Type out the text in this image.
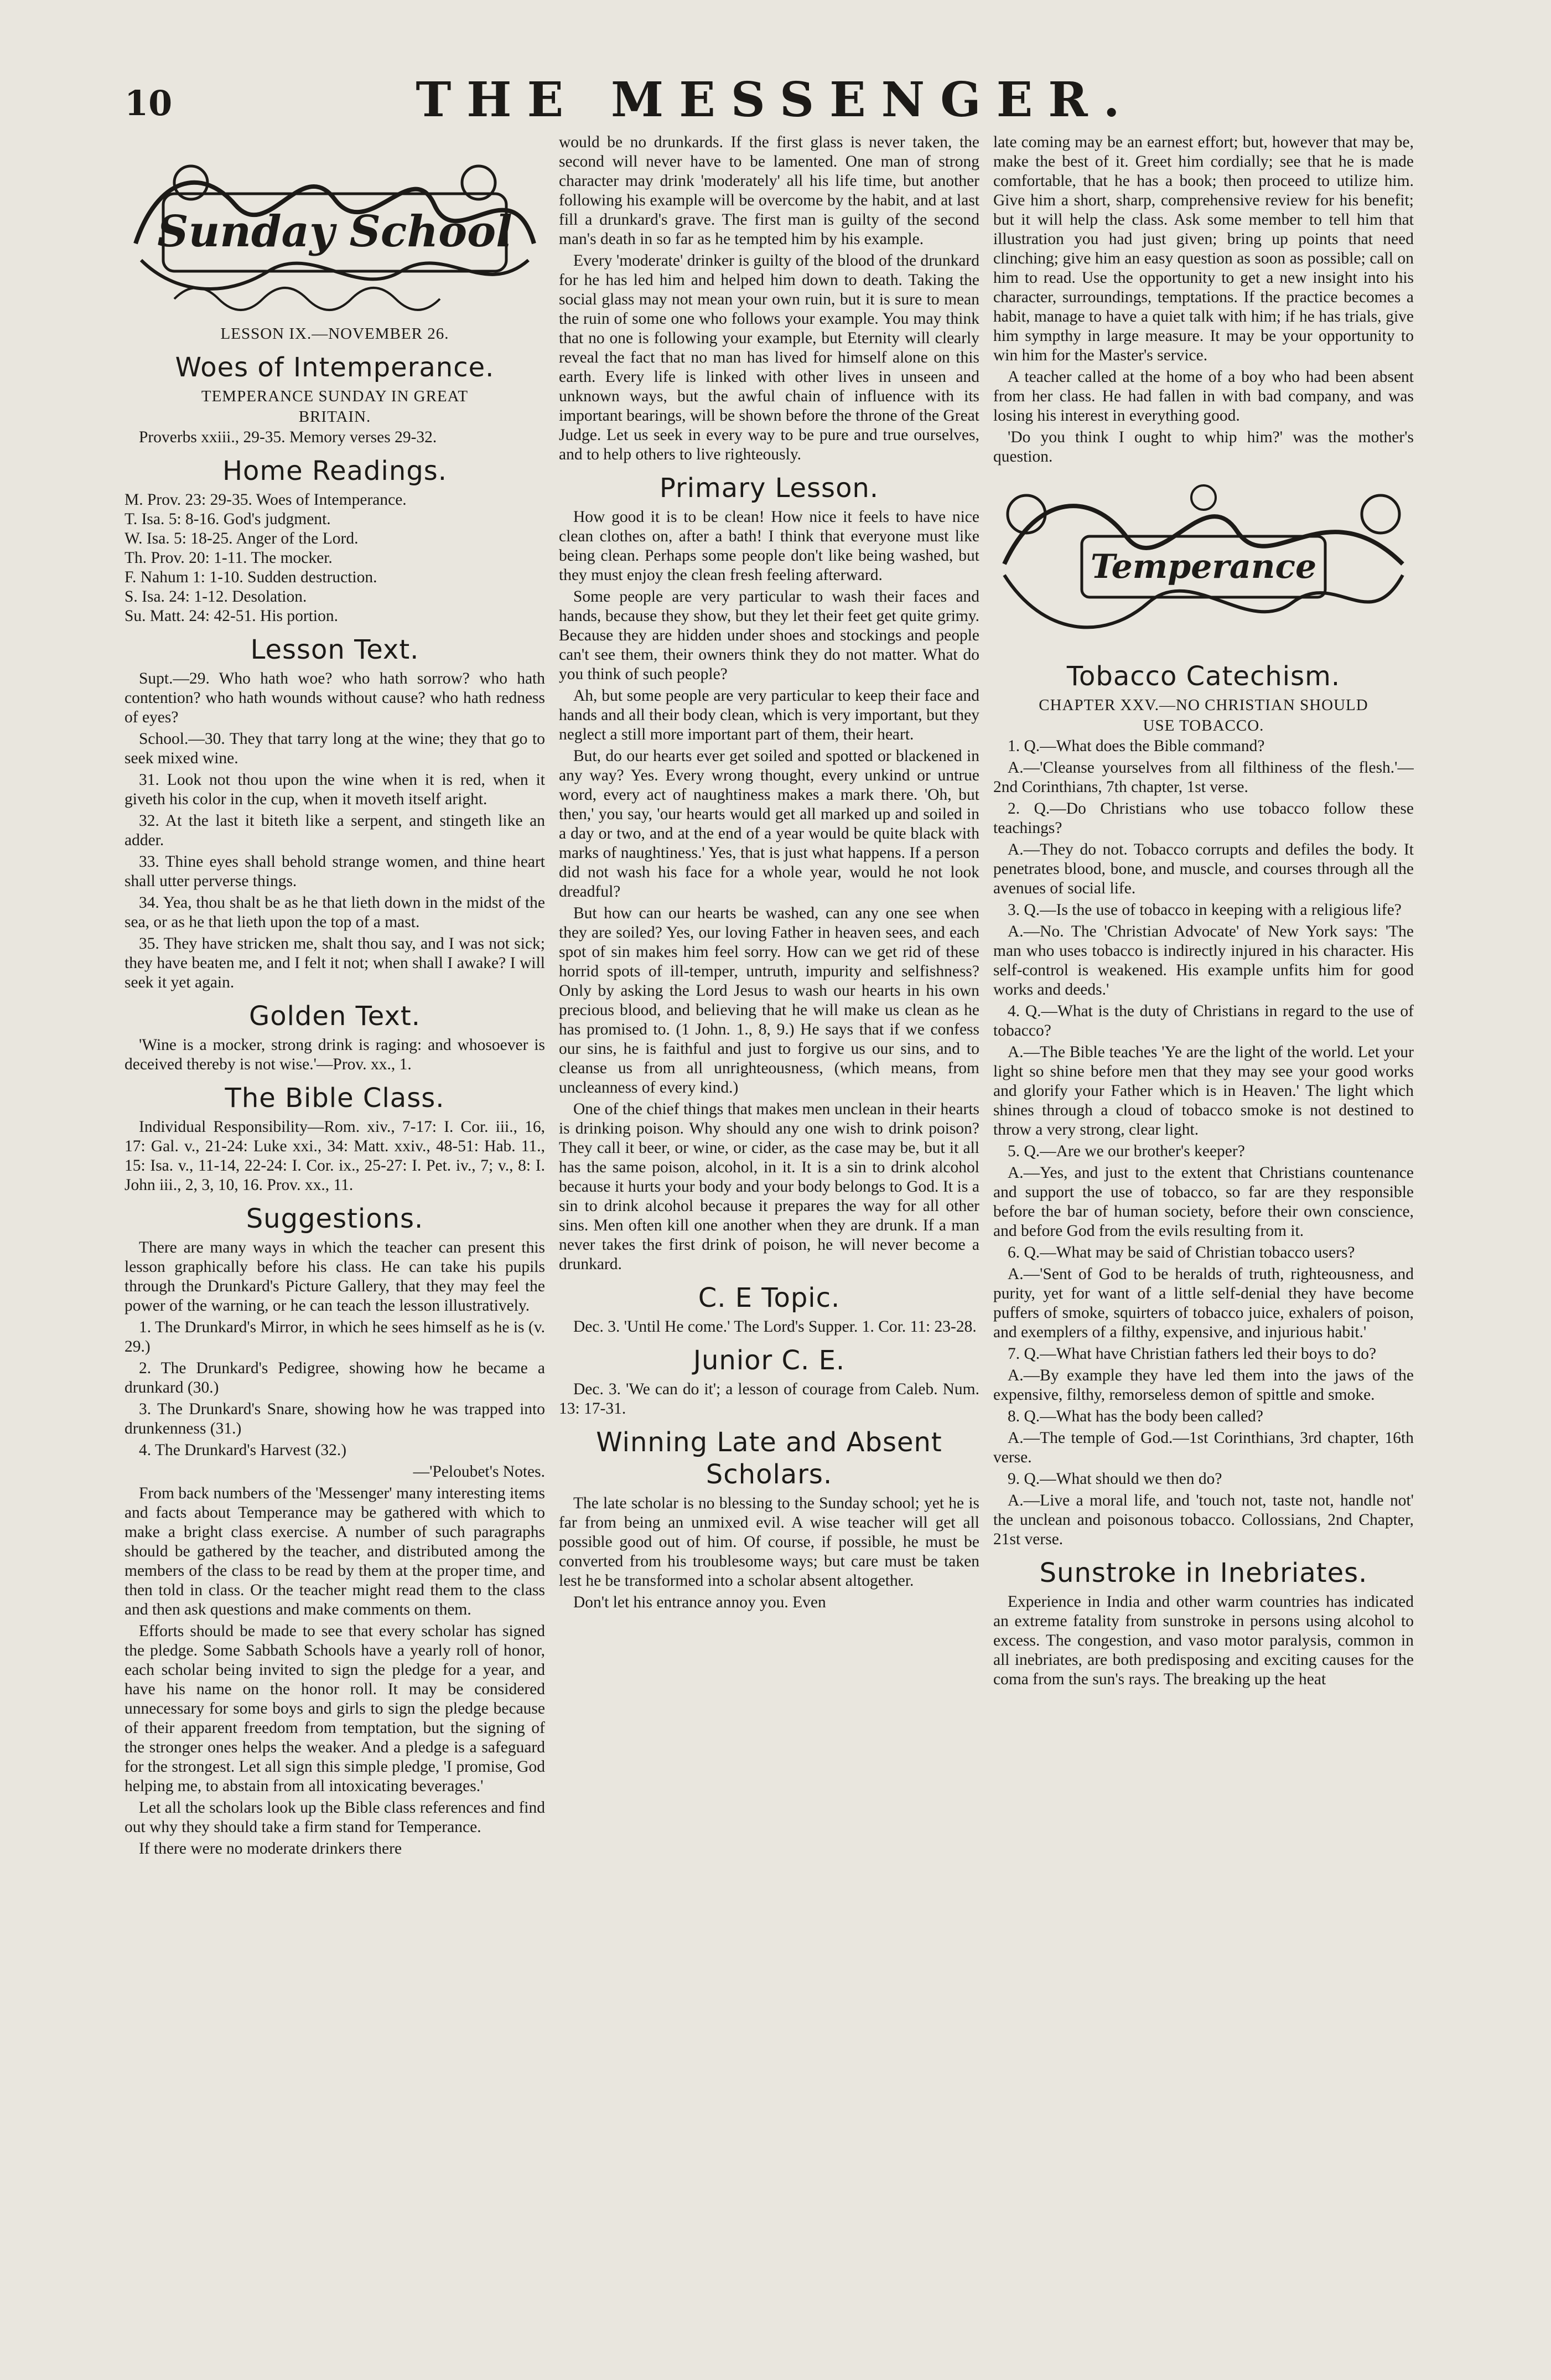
10	THE MESSENGER.
Sunday School
LESSON IX.—NOVEMBER 26.
Woes of Intemperance.
TEMPERANCE SUNDAY IN GREAT
BRITAIN.

Proverbs xxiii., 29-35. Memory verses 29-32.

Home Readings.
M. Prov. 23: 29-35. Woes of Intemperance.
T. Isa. 5: 8-16. God's judgment.
W. Isa. 5: 18-25. Anger of the Lord.
Th. Prov. 20: 1-11. The mocker.
F. Nahum 1: 1-10. Sudden destruction.
S. Isa. 24: 1-12. Desolation.
Su. Matt. 24: 42-51. His portion.
Lesson Text.

Supt.—29. Who hath woe? who hath sorrow? who hath contention? who hath wounds without cause? who hath redness of eyes?

School.—30. They that tarry long at the wine; they that go to seek mixed wine.

31. Look not thou upon the wine when it is red, when it giveth his color in the cup, when it moveth itself aright.

32. At the last it biteth like a serpent, and stingeth like an adder.

33. Thine eyes shall behold strange women, and thine heart shall utter perverse things.

34. Yea, thou shalt be as he that lieth down in the midst of the sea, or as he that lieth upon the top of a mast.

35. They have stricken me, shalt thou say, and I was not sick; they have beaten me, and I felt it not; when shall I awake? I will seek it yet again.

Golden Text.

'Wine is a mocker, strong drink is raging: and whosoever is deceived thereby is not wise.'—Prov. xx., 1.

The Bible Class.

Individual Responsibility—Rom. xiv., 7-17: I. Cor. iii., 16, 17: Gal. v., 21-24: Luke xxi., 34: Matt. xxiv., 48-51: Hab. 11., 15: Isa. v., 11-14, 22-24: I. Cor. ix., 25-27: I. Pet. iv., 7; v., 8: I. John iii., 2, 3, 10, 16. Prov. xx., 11.

Suggestions.

There are many ways in which the teacher can present this lesson graphically before his class. He can take his pupils through the Drunkard's Picture Gallery, that they may feel the power of the warning, or he can teach the lesson illustratively.

1. The Drunkard's Mirror, in which he sees himself as he is (v. 29.)

2. The Drunkard's Pedigree, showing how he became a drunkard (30.)

3. The Drunkard's Snare, showing how he was trapped into drunkenness (31.)

4. The Drunkard's Harvest (32.)

—'Peloubet's Notes.

From back numbers of the 'Messenger' many interesting items and facts about Temperance may be gathered with which to make a bright class exercise. A number of such paragraphs should be gathered by the teacher, and distributed among the members of the class to be read by them at the proper time, and then told in class. Or the teacher might read them to the class and then ask questions and make comments on them.

Efforts should be made to see that every scholar has signed the pledge. Some Sabbath Schools have a yearly roll of honor, each scholar being invited to sign the pledge for a year, and have his name on the honor roll. It may be considered unnecessary for some boys and girls to sign the pledge because of their apparent freedom from temptation, but the signing of the stronger ones helps the weaker. And a pledge is a safeguard for the strongest. Let all sign this simple pledge, 'I promise, God helping me, to abstain from all intoxicating beverages.'

Let all the scholars look up the Bible class references and find out why they should take a firm stand for Temperance.

If there were no moderate drinkers there

would be no drunkards. If the first glass is never taken, the second will never have to be lamented. One man of strong character may drink 'moderately' all his life time, but another following his example will be overcome by the habit, and at last fill a drunkard's grave. The first man is guilty of the second man's death in so far as he tempted him by his example.

Every 'moderate' drinker is guilty of the blood of the drunkard for he has led him and helped him down to death. Taking the social glass may not mean your own ruin, but it is sure to mean the ruin of some one who follows your example. You may think that no one is following your example, but Eternity will clearly reveal the fact that no man has lived for himself alone on this earth. Every life is linked with other lives in unseen and unknown ways, but the awful chain of influence with its important bearings, will be shown before the throne of the Great Judge. Let us seek in every way to be pure and true ourselves, and to help others to live righteously.

Primary Lesson.

How good it is to be clean! How nice it feels to have nice clean clothes on, after a bath! I think that everyone must like being clean. Perhaps some people don't like being washed, but they must enjoy the clean fresh feeling afterward.

Some people are very particular to wash their faces and hands, because they show, but they let their feet get quite grimy. Because they are hidden under shoes and stockings and people can't see them, their owners think they do not matter. What do you think of such people?

Ah, but some people are very particular to keep their face and hands and all their body clean, which is very important, but they neglect a still more important part of them, their heart.

But, do our hearts ever get soiled and spotted or blackened in any way? Yes. Every wrong thought, every unkind or untrue word, every act of naughtiness makes a mark there. 'Oh, but then,' you say, 'our hearts would get all marked up and soiled in a day or two, and at the end of a year would be quite black with marks of naughtiness.' Yes, that is just what happens. If a person did not wash his face for a whole year, would he not look dreadful?

But how can our hearts be washed, can any one see when they are soiled? Yes, our loving Father in heaven sees, and each spot of sin makes him feel sorry. How can we get rid of these horrid spots of ill-temper, untruth, impurity and selfishness? Only by asking the Lord Jesus to wash our hearts in his own precious blood, and believing that he will make us clean as he has promised to. (1 John. 1., 8, 9.) He says that if we confess our sins, he is faithful and just to forgive us our sins, and to cleanse us from all unrighteousness, (which means, from uncleanness of every kind.)

One of the chief things that makes men unclean in their hearts is drinking poison. Why should any one wish to drink poison? They call it beer, or wine, or cider, as the case may be, but it all has the same poison, alcohol, in it. It is a sin to drink alcohol because it hurts your body and your body belongs to God. It is a sin to drink alcohol because it prepares the way for all other sins. Men often kill one another when they are drunk. If a man never takes the first drink of poison, he will never become a drunkard.

C. E Topic.

Dec. 3. 'Until He come.' The Lord's Supper. 1. Cor. 11: 23-28.

Junior C. E.

Dec. 3. 'We can do it'; a lesson of courage from Caleb. Num. 13: 17-31.

Winning Late and Absent
Scholars.

The late scholar is no blessing to the Sunday school; yet he is far from being an unmixed evil. A wise teacher will get all possible good out of him. Of course, if possible, he must be converted from his troublesome ways; but care must be taken lest he be transformed into a scholar absent altogether.

Don't let his entrance annoy you. Even

late coming may be an earnest effort; but, however that may be, make the best of it. Greet him cordially; see that he is made comfortable, that he has a book; then proceed to utilize him. Give him a short, sharp, comprehensive review for his benefit; but it will help the class. Ask some member to tell him that illustration you had just given; bring up points that need clinching; give him an easy question as soon as possible; call on him to read. Use the opportunity to get a new insight into his character, surroundings, temptations. If the practice becomes a habit, manage to have a quiet talk with him; if he has trials, give him sympthy in large measure. It may be your opportunity to win him for the Master's service.

A teacher called at the home of a boy who had been absent from her class. He had fallen in with bad company, and was losing his interest in everything good.

'Do you think I ought to whip him?' was the mother's question.

Temperance
Tobacco Catechism.
CHAPTER XXV.—NO CHRISTIAN SHOULD
USE TOBACCO.

1. Q.—What does the Bible command?

A.—'Cleanse yourselves from all filthiness of the flesh.'—2nd Corinthians, 7th chapter, 1st verse.

2. Q.—Do Christians who use tobacco follow these teachings?

A.—They do not. Tobacco corrupts and defiles the body. It penetrates blood, bone, and muscle, and courses through all the avenues of social life.

3. Q.—Is the use of tobacco in keeping with a religious life?

A.—No. The 'Christian Advocate' of New York says: 'The man who uses tobacco is indirectly injured in his character. His self-control is weakened. His example unfits him for good works and deeds.'

4. Q.—What is the duty of Christians in regard to the use of tobacco?

A.—The Bible teaches 'Ye are the light of the world. Let your light so shine before men that they may see your good works and glorify your Father which is in Heaven.' The light which shines through a cloud of tobacco smoke is not destined to throw a very strong, clear light.

5. Q.—Are we our brother's keeper?

A.—Yes, and just to the extent that Christians countenance and support the use of tobacco, so far are they responsible before the bar of human society, before their own conscience, and before God from the evils resulting from it.

6. Q.—What may be said of Christian tobacco users?

A.—'Sent of God to be heralds of truth, righteousness, and purity, yet for want of a little self-denial they have become puffers of smoke, squirters of tobacco juice, exhalers of poison, and exemplers of a filthy, expensive, and injurious habit.'

7. Q.—What have Christian fathers led their boys to do?

A.—By example they have led them into the jaws of the expensive, filthy, remorseless demon of spittle and smoke.

8. Q.—What has the body been called?

A.—The temple of God.—1st Corinthians, 3rd chapter, 16th verse.

9. Q.—What should we then do?

A.—Live a moral life, and 'touch not, taste not, handle not' the unclean and poisonous tobacco. Collossians, 2nd Chapter, 21st verse.

Sunstroke in Inebriates.

Experience in India and other warm countries has indicated an extreme fatality from sunstroke in persons using alcohol to excess. The congestion, and vaso motor paralysis, common in all inebriates, are both predisposing and exciting causes for the coma from the sun's rays. The breaking up the heat
